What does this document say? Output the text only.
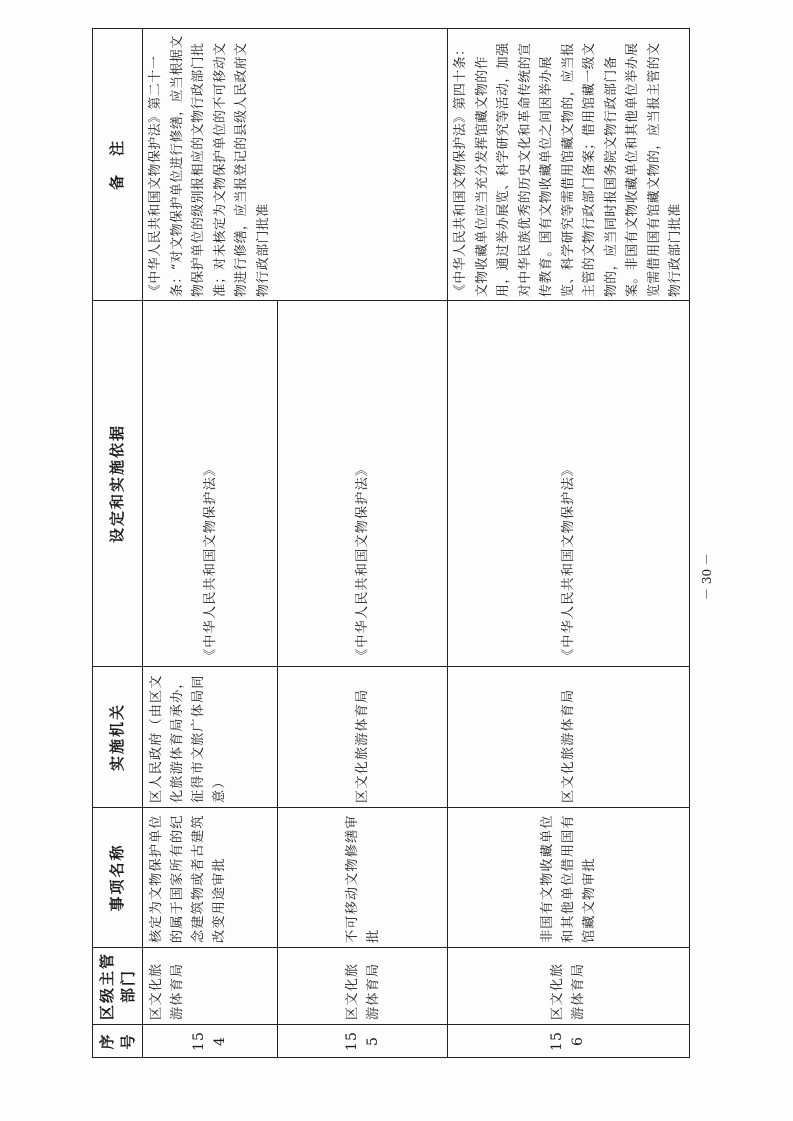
序号	区级主管部门	事项名称	实施机关	设定和实施依据	备　注
154	区文化旅游体育局	核定为文物保护单位的属于国家所有的纪念建筑物或者古建筑改变用途审批	区人民政府（由区文化旅游体育局承办，征得市文旅广体局同意）	《中华人民共和国文物保护法》	《中华人民共和国文物保护法》第二十一条：“对文物保护单位进行修缮，应当根据文物保护单位的级别报相应的文物行政部门批准；对未核定为文物保护单位的不可移动文物进行修缮，应当报登记的县级人民政府文物行政部门批准

155	区文化旅游体育局	不可移动文物修缮审批	区文化旅游体育局	《中华人民共和国文物保护法》	
156	区文化旅游体育局	非国有文物收藏单位和其他单位借用国有馆藏文物审批	区文化旅游体育局	《中华人民共和国文物保护法》	《中华人民共和国文物保护法》第四十条：文物收藏单位应当充分发挥馆藏文物的作用，通过举办展览、科学研究等活动，加强对中华民族优秀的历史文化和革命传统的宣传教育。国有文物收藏单位之间因举办展览、科学研究等需借用馆藏文物的，应当报主管的文物行政部门备案；借用馆藏一级文物的，应当同时报国务院文物行政部门备案。非国有文物收藏单位和其他单位举办展览需借用国有馆藏文物的，应当报主管的文物行政部门批准
－ 30 －
